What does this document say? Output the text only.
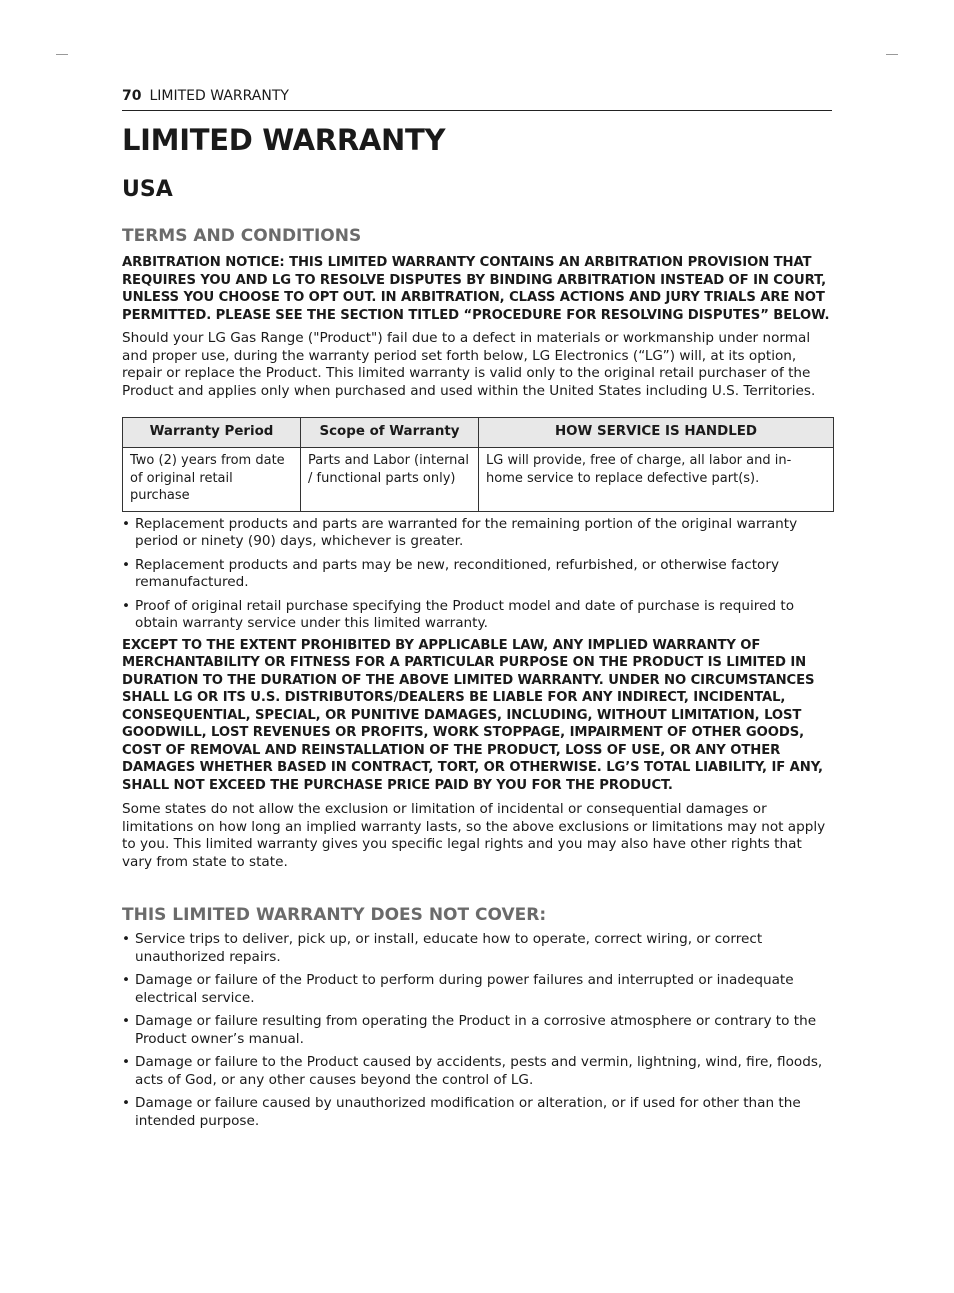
70 LIMITED WARRANTY
LIMITED WARRANTY
USA
TERMS AND CONDITIONS

ARBITRATION NOTICE: THIS LIMITED WARRANTY CONTAINS AN ARBITRATION PROVISION THAT REQUIRES YOU AND LG TO RESOLVE DISPUTES BY BINDING ARBITRATION INSTEAD OF IN COURT, UNLESS YOU CHOOSE TO OPT OUT. IN ARBITRATION, CLASS ACTIONS AND JURY TRIALS ARE NOT PERMITTED. PLEASE SEE THE SECTION TITLED “PROCEDURE FOR RESOLVING DISPUTES” BELOW.

Should your LG Gas Range ("Product") fail due to a defect in materials or workmanship under normal and proper use, during the warranty period set forth below, LG Electronics (“LG”) will, at its option, repair or replace the Product. This limited warranty is valid only to the original retail purchaser of the Product and applies only when purchased and used within the United States including U.S. Territories.

Warranty Period	Scope of Warranty	HOW SERVICE IS HANDLED
Two (2) years from date of original retail purchase	Parts and Labor (internal / functional parts only)	LG will provide, free of charge, all labor and in-home service to replace defective part(s).
• Replacement products and parts are warranted for the remaining portion of the original warranty period or ninety (90) days, whichever is greater.
• Replacement products and parts may be new, reconditioned, refurbished, or otherwise factory remanufactured.
• Proof of original retail purchase specifying the Product model and date of purchase is required to obtain warranty service under this limited warranty.

EXCEPT TO THE EXTENT PROHIBITED BY APPLICABLE LAW, ANY IMPLIED WARRANTY OF MERCHANTABILITY OR FITNESS FOR A PARTICULAR PURPOSE ON THE PRODUCT IS LIMITED IN DURATION TO THE DURATION OF THE ABOVE LIMITED WARRANTY. UNDER NO CIRCUMSTANCES SHALL LG OR ITS U.S. DISTRIBUTORS/DEALERS BE LIABLE FOR ANY INDIRECT, INCIDENTAL, CONSEQUENTIAL, SPECIAL, OR PUNITIVE DAMAGES, INCLUDING, WITHOUT LIMITATION, LOST GOODWILL, LOST REVENUES OR PROFITS, WORK STOPPAGE, IMPAIRMENT OF OTHER GOODS, COST OF REMOVAL AND REINSTALLATION OF THE PRODUCT, LOSS OF USE, OR ANY OTHER DAMAGES WHETHER BASED IN CONTRACT, TORT, OR OTHERWISE. LG’S TOTAL LIABILITY, IF ANY, SHALL NOT EXCEED THE PURCHASE PRICE PAID BY YOU FOR THE PRODUCT.

Some states do not allow the exclusion or limitation of incidental or consequential damages or limitations on how long an implied warranty lasts, so the above exclusions or limitations may not apply to you. This limited warranty gives you specific legal rights and you may also have other rights that vary from state to state.

THIS LIMITED WARRANTY DOES NOT COVER:
• Service trips to deliver, pick up, or install, educate how to operate, correct wiring, or correct unauthorized repairs.
• Damage or failure of the Product to perform during power failures and interrupted or inadequate electrical service.
• Damage or failure resulting from operating the Product in a corrosive atmosphere or contrary to the Product owner’s manual.
• Damage or failure to the Product caused by accidents, pests and vermin, lightning, wind, fire, floods, acts of God, or any other causes beyond the control of LG.
• Damage or failure caused by unauthorized modification or alteration, or if used for other than the intended purpose.
